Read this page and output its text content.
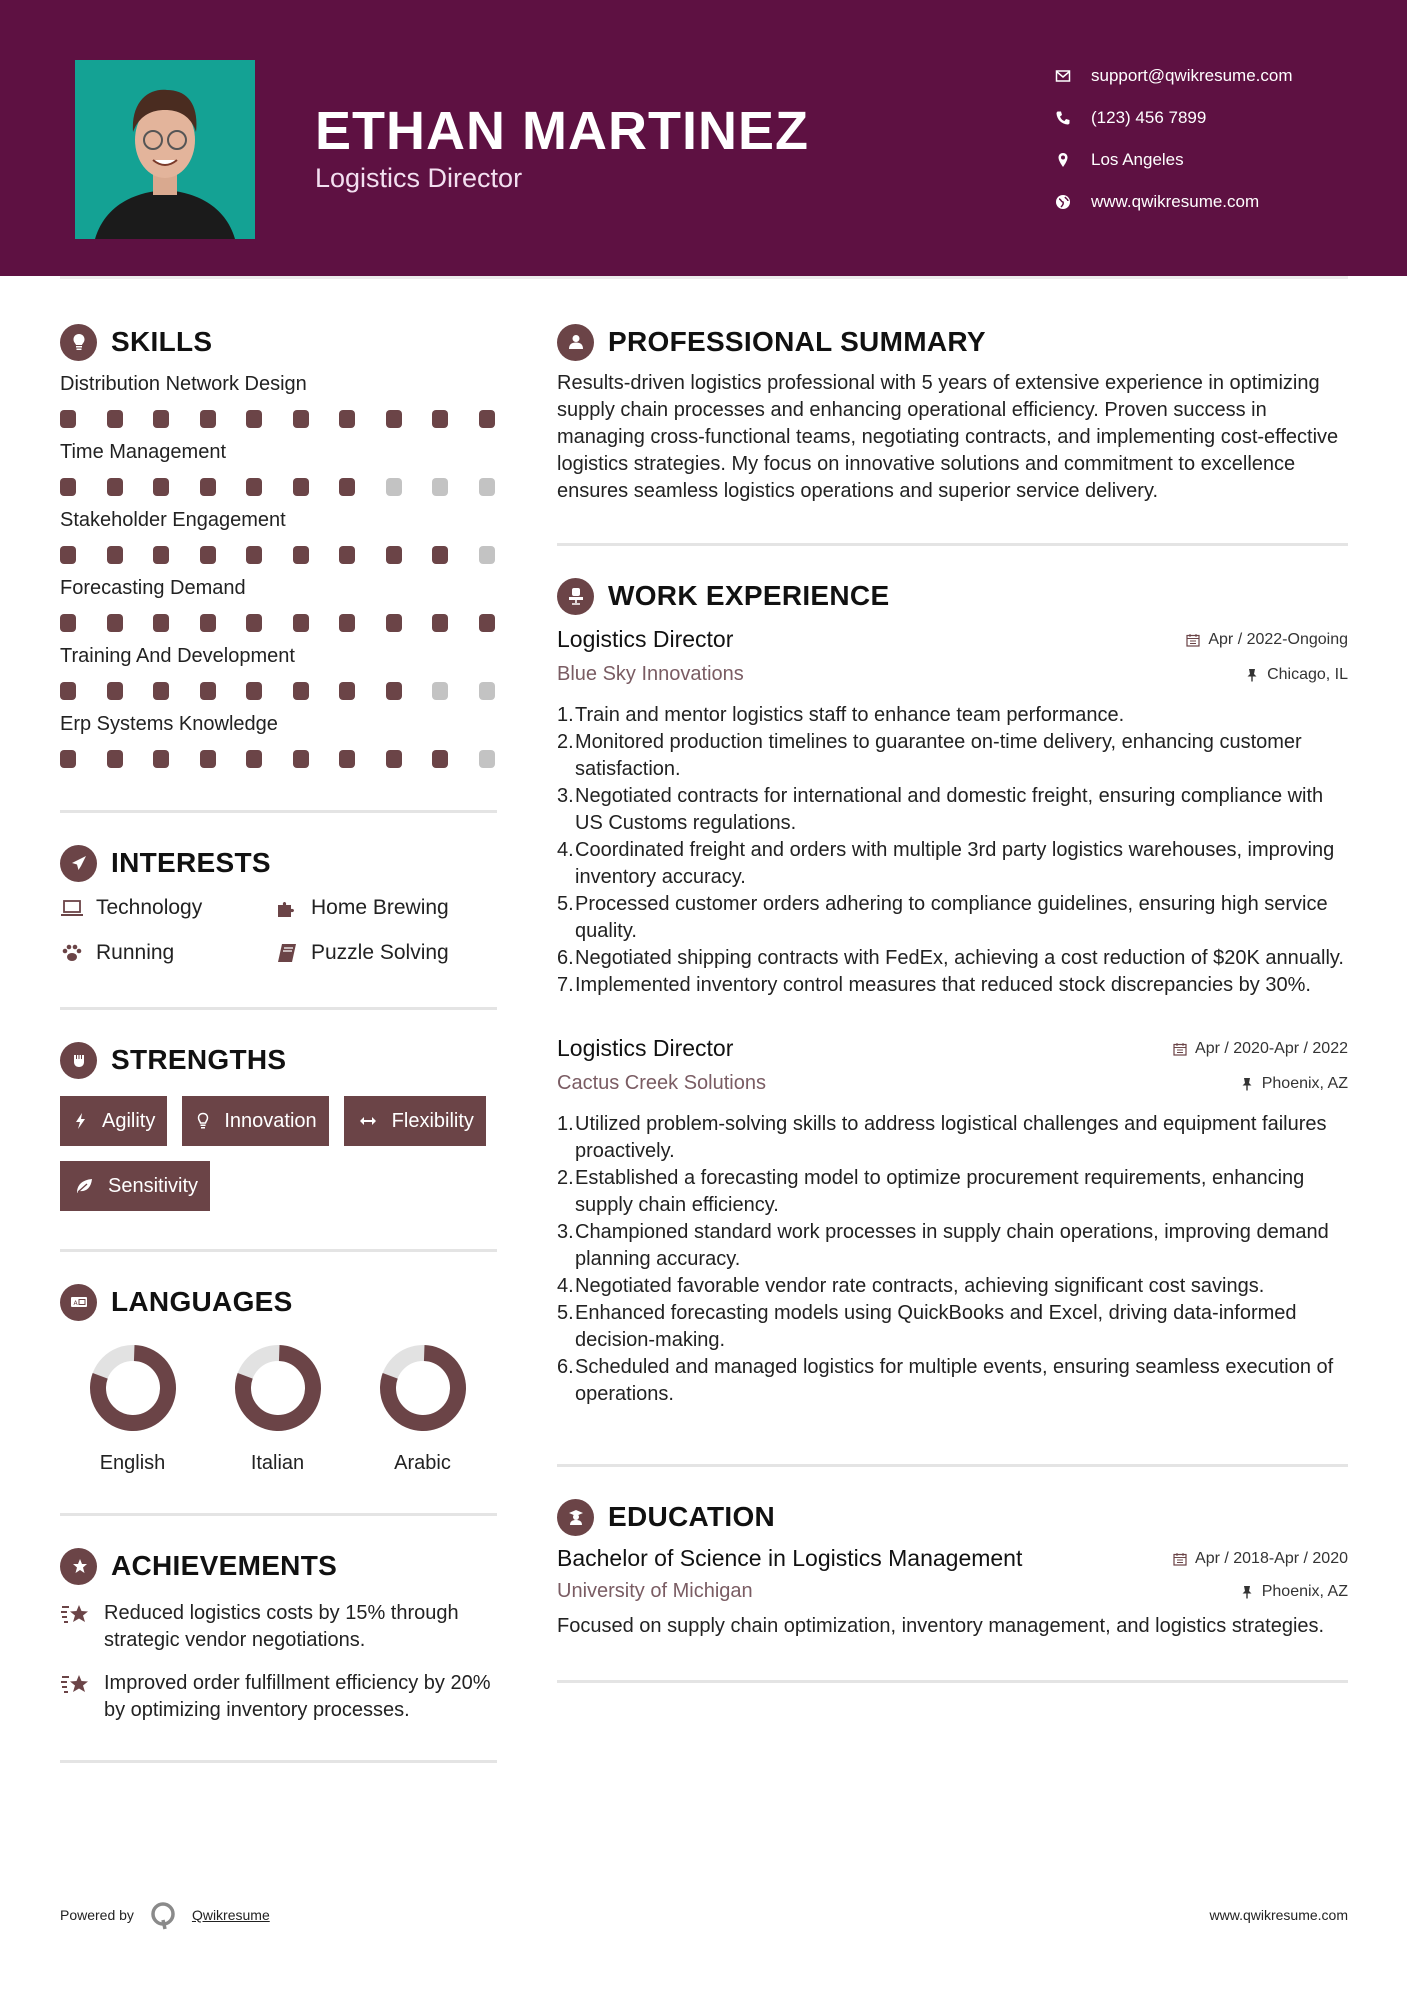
ETHAN MARTINEZ
Logistics Director
support@qwikresume.com
(123) 456 7899
Los Angeles
www.qwikresume.com
SKILLS
Distribution Network Design
Time Management
Stakeholder Engagement
Forecasting Demand
Training And Development
Erp Systems Knowledge
INTERESTS
Technology	Home Brewing
Running	Puzzle Solving
STRENGTHS
Agility	Innovation	Flexibility
Sensitivity
A LANGUAGES
English	Italian	Arabic
ACHIEVEMENTS
Reduced logistics costs by 15% through strategic vendor negotiations.
Improved order fulfillment efficiency by 20% by optimizing inventory processes.
PROFESSIONAL SUMMARY

Results-driven logistics professional with 5 years of extensive experience in optimizing supply chain processes and enhancing operational efficiency. Proven success in managing cross-functional teams, negotiating contracts, and implementing cost-effective logistics strategies. My focus on innovative solutions and commitment to excellence ensures seamless logistics operations and superior service delivery.

WORK EXPERIENCE
Logistics Director	Apr / 2022-Ongoing
Blue Sky Innovations	Chicago, IL
1. Train and mentor logistics staff to enhance team performance.
2. Monitored production timelines to guarantee on-time delivery, enhancing customer satisfaction.
3. Negotiated contracts for international and domestic freight, ensuring compliance with US Customs regulations.
4. Coordinated freight and orders with multiple 3rd party logistics warehouses, improving inventory accuracy.
5. Processed customer orders adhering to compliance guidelines, ensuring high service quality.
6. Negotiated shipping contracts with FedEx, achieving a cost reduction of $20K annually.
7. Implemented inventory control measures that reduced stock discrepancies by 30%.
Logistics Director	Apr / 2020-Apr / 2022
Cactus Creek Solutions	Phoenix, AZ
1. Utilized problem-solving skills to address logistical challenges and equipment failures proactively.
2. Established a forecasting model to optimize procurement requirements, enhancing supply chain efficiency.
3. Championed standard work processes in supply chain operations, improving demand planning accuracy.
4. Negotiated favorable vendor rate contracts, achieving significant cost savings.
5. Enhanced forecasting models using QuickBooks and Excel, driving data-informed decision-making.
6. Scheduled and managed logistics for multiple events, ensuring seamless execution of operations.
EDUCATION
Bachelor of Science in Logistics Management	Apr / 2018-Apr / 2020
University of Michigan	Phoenix, AZ

Focused on supply chain optimization, inventory management, and logistics strategies.

Powered by	Qwikresume	www.qwikresume.com
